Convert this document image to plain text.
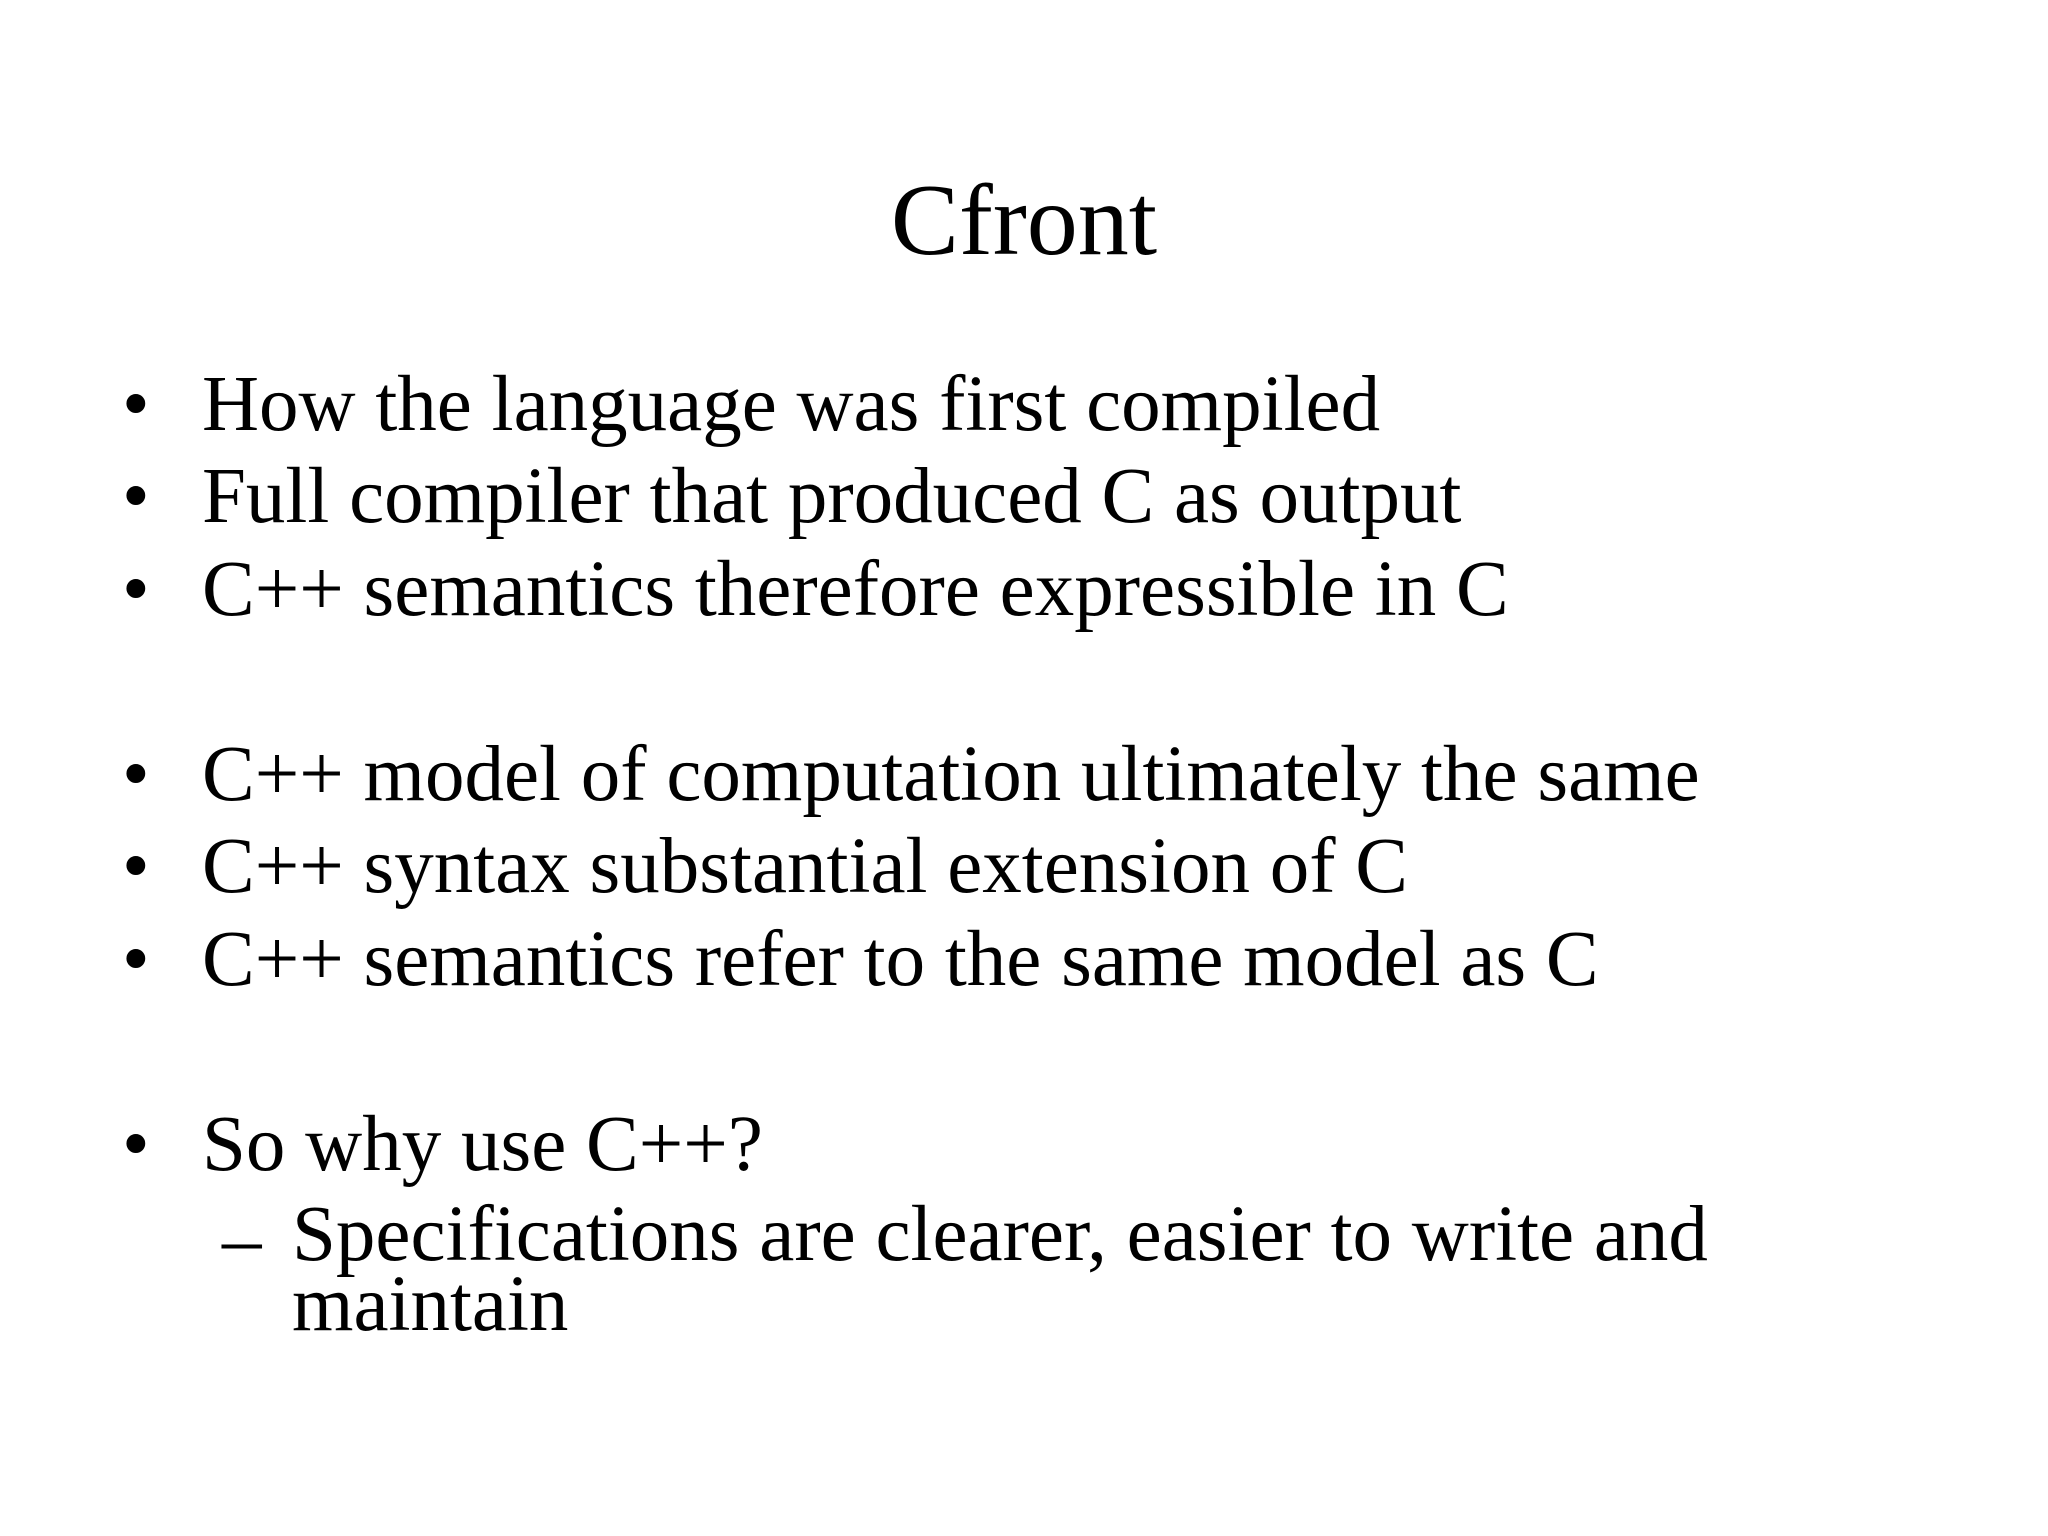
Cfront
• How the language was first compiled
• Full compiler that produced C as output
• C++ semantics therefore expressible in C
• C++ model of computation ultimately the same
• C++ syntax substantial extension of C
• C++ semantics refer to the same model as C
• So why use C++?
– Specifications are clearer, easier to write and maintain
